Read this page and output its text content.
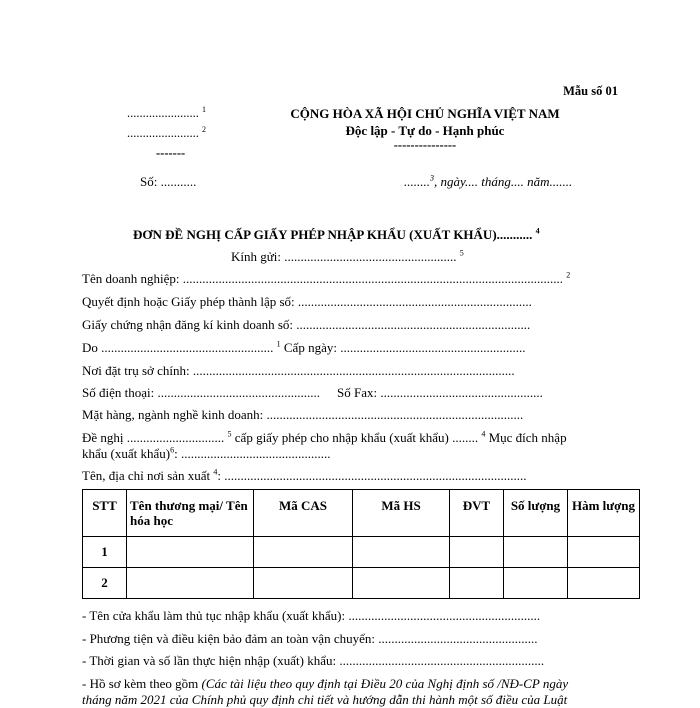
Mẫu số 01
....................... $^1$
....................... $^2$
-------
Số: ...........
CỘNG HÒA XÃ HỘI CHỦ NGHĨA VIỆT NAM
Độc lập - Tự do - Hạnh phúc
---------------
........$^3$, ngày.... tháng.... năm.......
ĐƠN ĐỀ NGHỊ CẤP GIẤY PHÉP NHẬP KHẨU (XUẤT KHẨU)........... $^4$
Kính gửi: ..................................................... $^5$
Tên doanh nghiệp: ..................................................................................................................... $^2$
Quyết định hoặc Giấy phép thành lập số: ........................................................................
Giấy chứng nhận đăng kí kinh doanh số: ........................................................................
Do ..................................................... $^1$ Cấp ngày: .........................................................
Nơi đặt trụ sở chính: ...................................................................................................
Số điện thoại: .................................................. Số Fax: ..................................................
Mặt hàng, ngành nghề kinh doanh: ...............................................................................
Đề nghị .............................. $^5$ cấp giấy phép cho nhập khẩu (xuất khẩu) ........ $^4$ Mục đích nhập
khẩu (xuất khẩu)$^6$: ..............................................
Tên, địa chỉ nơi sản xuất $^4$: .............................................................................................
STT	Tên thương mại/ Tên hóa học	Mã CAS	Mã HS	ĐVT	Số lượng	Hàm lượng
1						
2						
- Tên cửa khẩu làm thủ tục nhập khẩu (xuất khẩu): ...........................................................
- Phương tiện và điều kiện bảo đảm an toàn vận chuyển: .................................................
- Thời gian và số lần thực hiện nhập (xuất) khẩu: ...............................................................
- Hồ sơ kèm theo gồm (Các tài liệu theo quy định tại Điều 20 của Nghị định số /NĐ-CP ngày
tháng năm 2021 của Chính phủ quy định chi tiết và hướng dẫn thi hành một số điều của Luật
